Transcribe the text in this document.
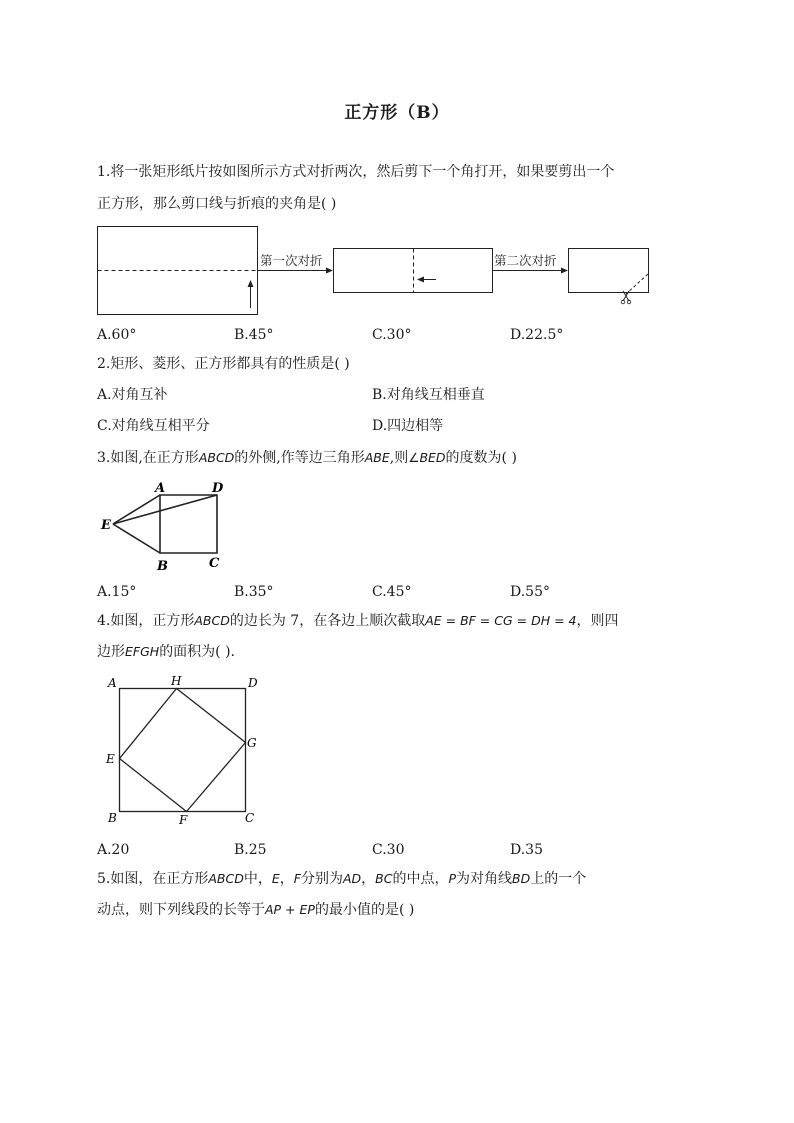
正方形（B）
1.将一张矩形纸片按如图所示方式对折两次，然后剪下一个角打开，如果要剪出一个
正方形，那么剪口线与折痕的夹角是( )
第一次对折	第二次对折
A.60°	B.45°	C.30°	D.22.5°
2.矩形、菱形、正方形都具有的性质是( )
A.对角互补	B.对角线互相垂直
C.对角线互相平分	D.四边相等
3.如图,在正方形ABCD的外侧,作等边三角形ABE,则∠BED的度数为( )
A	D
B	C
E
A.15°	B.35°	C.45°	D.55°
4.如图，正方形ABCD的边长为 7，在各边上顺次截取AE = BF = CG = DH = 4，则四
边形EFGH的面积为( ).
A	H	D
G
E
B	F	C
A.20	B.25	C.30	D.35
5.如图，在正方形ABCD中，E，F分别为AD，BC的中点，P为对角线BD上的一个
动点，则下列线段的长等于AP + EP的最小值的是( )
